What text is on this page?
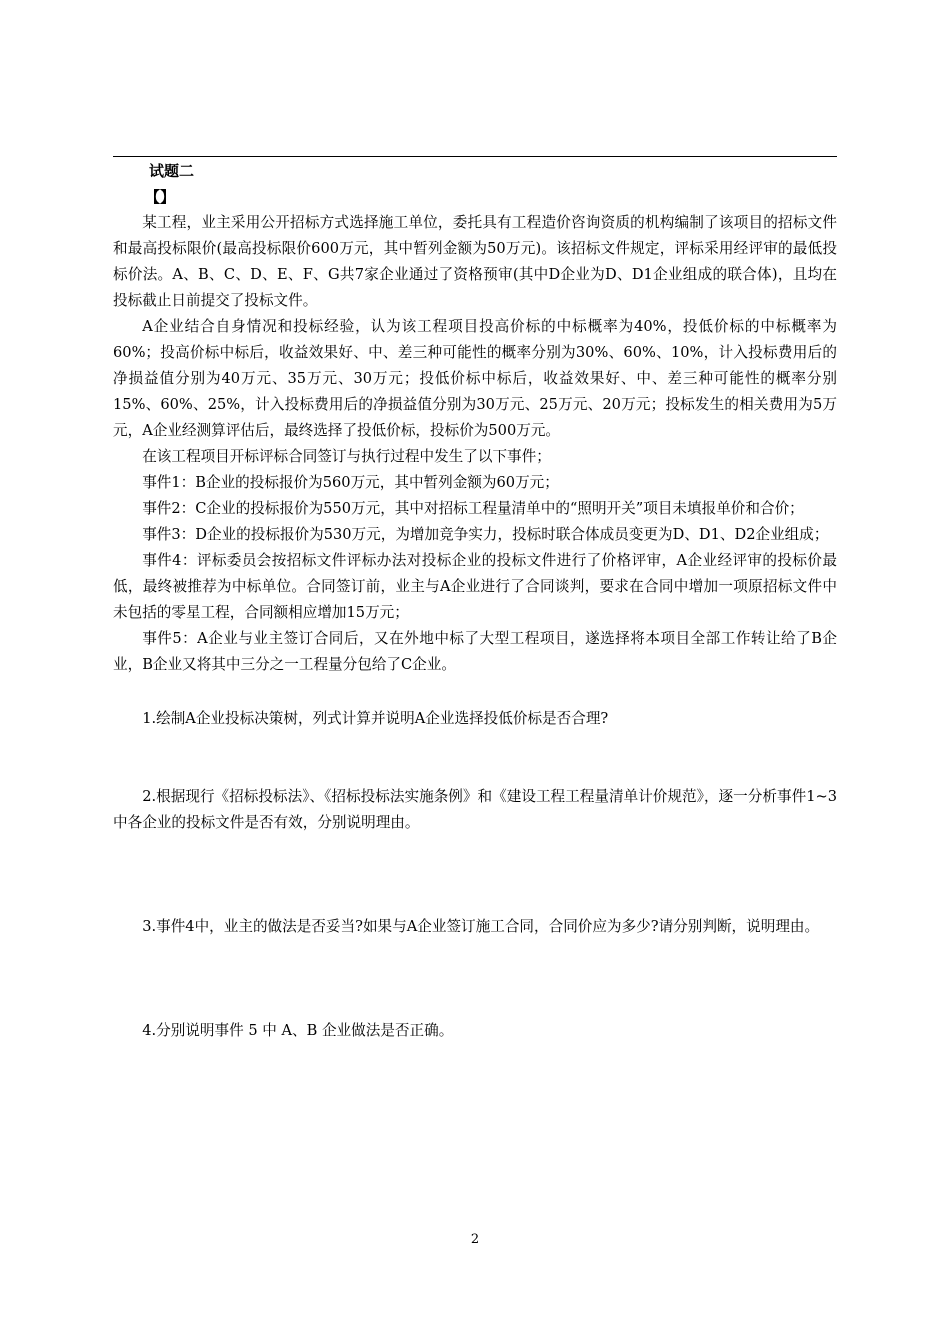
试题二
【】

某工程，业主采用公开招标方式选择施工单位，委托具有工程造价咨询资质的机构编制了该项目的招标文件和最高投标限价(最高投标限价600万元，其中暂列金额为50万元)。该招标文件规定，评标采用经评审的最低投标价法。A、B、C、D、E、F、G共7家企业通过了资格预审(其中D企业为D、D1企业组成的联合体)，且均在投标截止日前提交了投标文件。

A企业结合自身情况和投标经验，认为该工程项目投高价标的中标概率为40%，投低价标的中标概率为60%；投高价标中标后，收益效果好、中、差三种可能性的概率分别为30%、60%、10%，计入投标费用后的净损益值分别为40万元、35万元、30万元；投低价标中标后，收益效果好、中、差三种可能性的概率分别15%、60%、25%，计入投标费用后的净损益值分别为30万元、25万元、20万元；投标发生的相关费用为5万元，A企业经测算评估后，最终选择了投低价标，投标价为500万元。

在该工程项目开标评标合同签订与执行过程中发生了以下事件；

事件1：B企业的投标报价为560万元，其中暂列金额为60万元；

事件2：C企业的投标报价为550万元，其中对招标工程量清单中的“照明开关”项目未填报单价和合价；

事件3：D企业的投标报价为530万元，为增加竞争实力，投标时联合体成员变更为D、D1、D2企业组成；

事件4：评标委员会按招标文件评标办法对投标企业的投标文件进行了价格评审，A企业经评审的投标价最低，最终被推荐为中标单位。合同签订前，业主与A企业进行了合同谈判，要求在合同中增加一项原招标文件中未包括的零星工程，合同额相应增加15万元；

事件5：A企业与业主签订合同后，又在外地中标了大型工程项目，遂选择将本项目全部工作转让给了B企业，B企业又将其中三分之一工程量分包给了C企业。

1.绘制A企业投标决策树，列式计算并说明A企业选择投低价标是否合理?

2.根据现行《招标投标法》、《招标投标法实施条例》和《建设工程工程量清单计价规范》，逐一分析事件1~3中各企业的投标文件是否有效，分别说明理由。

3.事件4中，业主的做法是否妥当?如果与A企业签订施工合同，合同价应为多少?请分别判断，说明理由。

4.分别说明事件 5 中 A、B 企业做法是否正确。

2
